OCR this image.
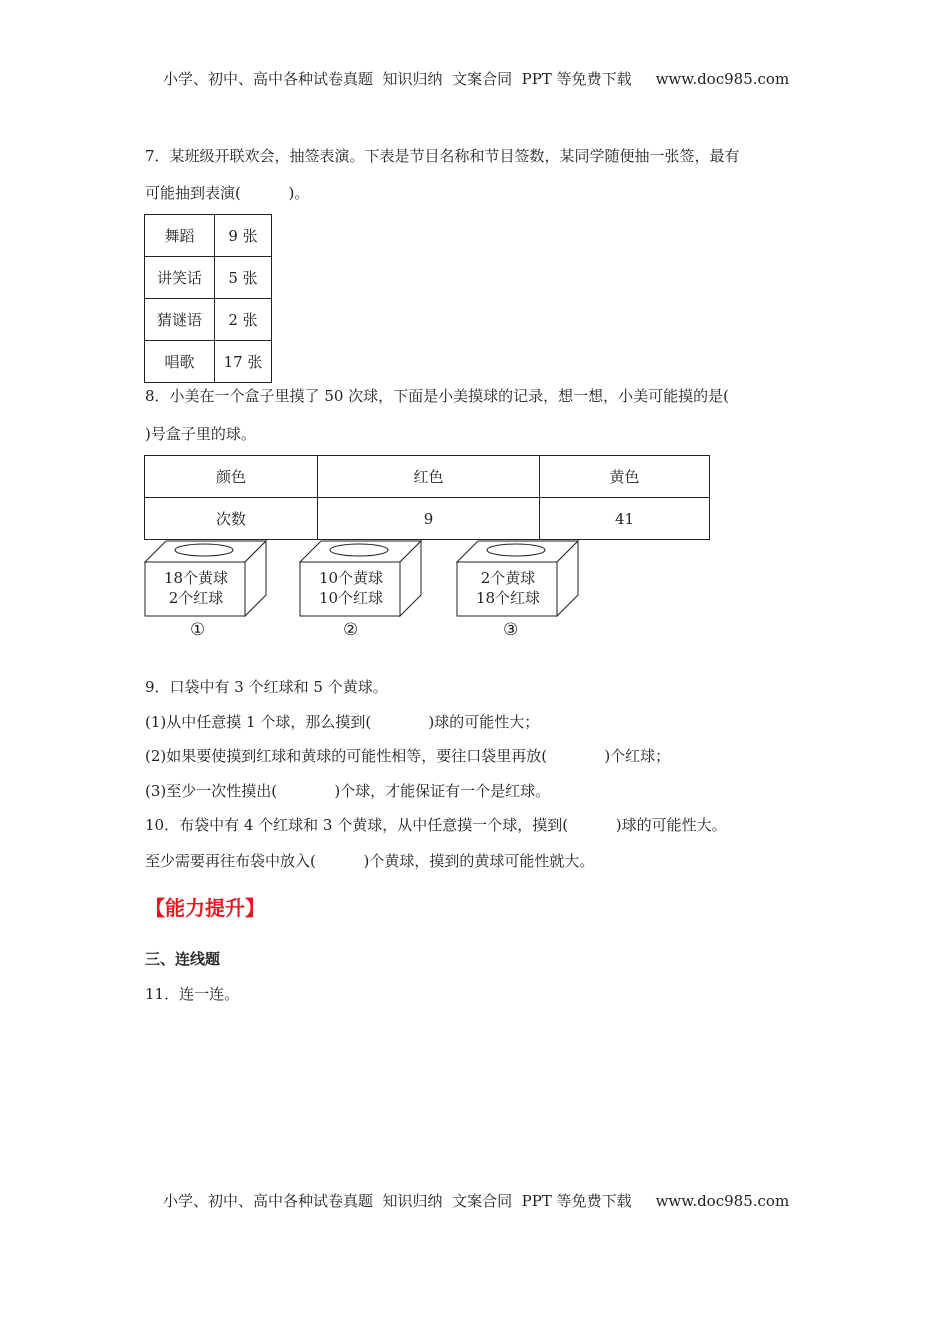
小学、初中、高中各种试卷真题  知识归纳  文案合同  PPT 等免费下载 www.doc985.com
7．某班级开联欢会，抽签表演。下表是节目名称和节目签数，某同学随便抽一张签，最有
可能抽到表演(          )。
舞蹈	9 张
讲笑话	5 张
猜谜语	2 张
唱歌	17 张
8．小美在一个盒子里摸了 50 次球，下面是小美摸球的记录，想一想，小美可能摸的是(
)号盒子里的球。
颜色	红色	黄色
次数	9	41
18个黄球
2个红球
10个黄球
10个红球
2个黄球
18个红球
①	②	③
9．口袋中有 3 个红球和 5 个黄球。
(1)从中任意摸 1 个球，那么摸到(            )球的可能性大；
(2)如果要使摸到红球和黄球的可能性相等，要往口袋里再放(            )个红球；
(3)至少一次性摸出(            )个球，才能保证有一个是红球。
10．布袋中有 4 个红球和 3 个黄球，从中任意摸一个球，摸到(          )球的可能性大。
至少需要再往布袋中放入(          )个黄球，摸到的黄球可能性就大。
【能力提升】
三、连线题
11．连一连。
小学、初中、高中各种试卷真题  知识归纳  文案合同  PPT 等免费下载 www.doc985.com
